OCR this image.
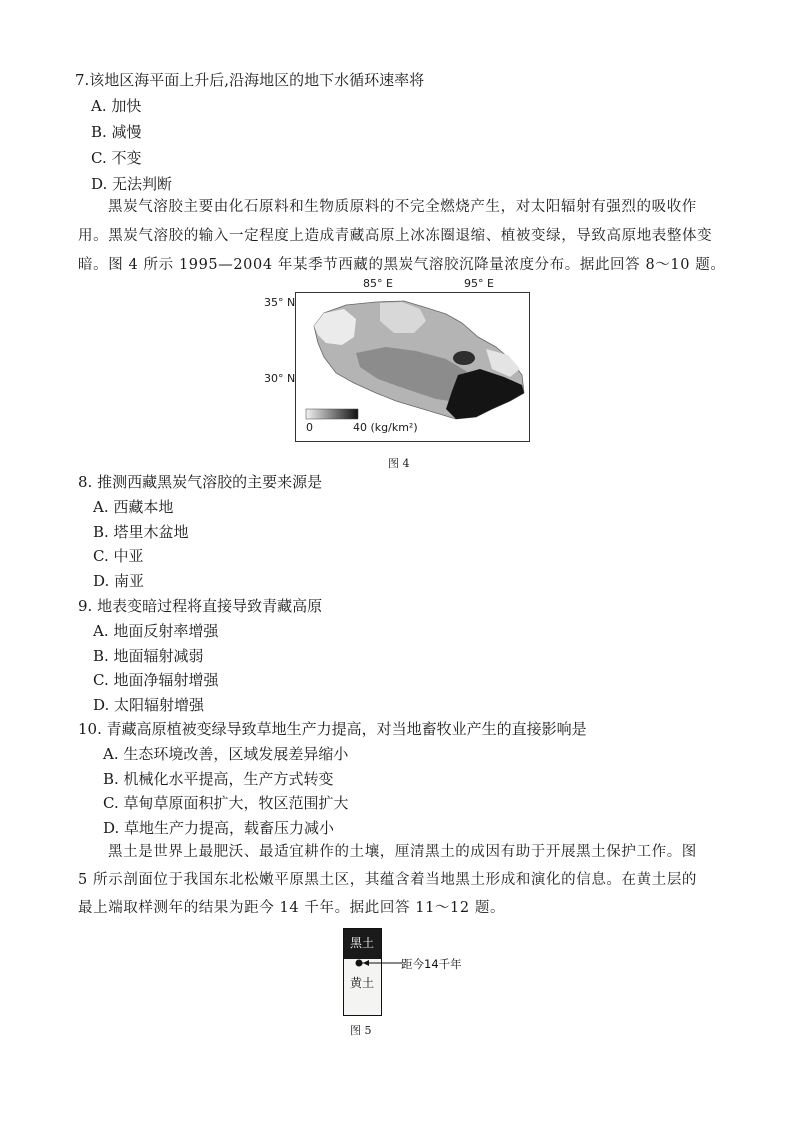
7.该地区海平面上升后,沿海地区的地下水循环速率将
A. 加快
B. 减慢
C. 不变
D. 无法判断
黑炭气溶胶主要由化石原料和生物质原料的不完全燃烧产生，对太阳辐射有强烈的吸收作
用。黑炭气溶胶的输入一定程度上造成青藏高原上冰冻圈退缩、植被变绿，导致高原地表整体变
暗。图 4 所示 1995—2004 年某季节西藏的黑炭气溶胶沉降量浓度分布。据此回答 8～10 题。
85° E	95° E
35° N
30° N
0	40 (kg/km²)
图 4
8. 推测西藏黑炭气溶胶的主要来源是
A. 西藏本地
B. 塔里木盆地
C. 中亚
D. 南亚
9. 地表变暗过程将直接导致青藏高原
A. 地面反射率增强
B. 地面辐射减弱
C. 地面净辐射增强
D. 太阳辐射增强
10. 青藏高原植被变绿导致草地生产力提高，对当地畜牧业产生的直接影响是
A. 生态环境改善，区域发展差异缩小
B. 机械化水平提高，生产方式转变
C. 草甸草原面积扩大，牧区范围扩大
D. 草地生产力提高，载畜压力减小
黑土是世界上最肥沃、最适宜耕作的土壤，厘清黑土的成因有助于开展黑土保护工作。图
5 所示剖面位于我国东北松嫩平原黑土区，其蕴含着当地黑土形成和演化的信息。在黄土层的
最上端取样测年的结果为距今 14 千年。据此回答 11～12 题。
黑土
黄土
距今14千年
图 5
